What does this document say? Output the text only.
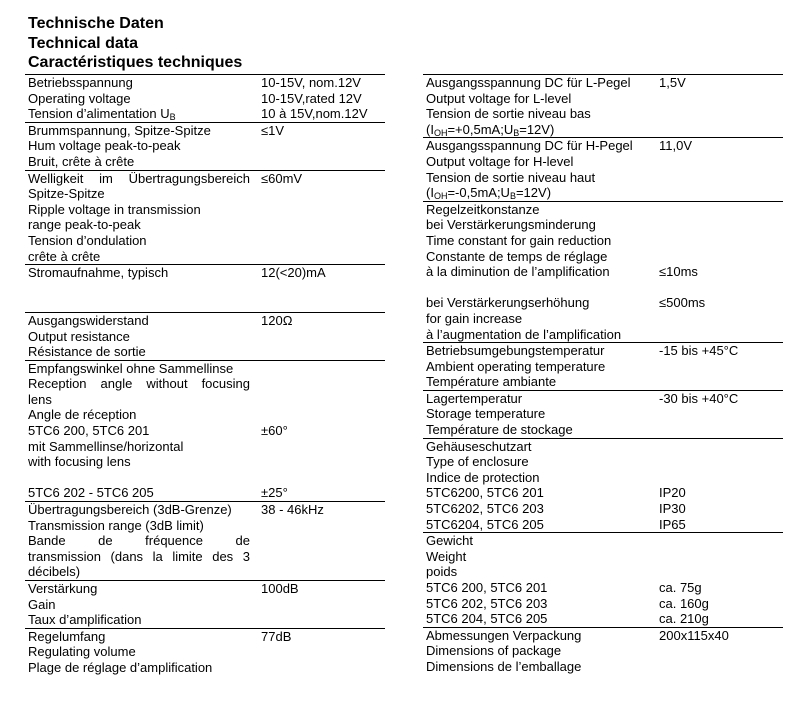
Technische Daten
Technical data
Caractéristiques techniques
10-15V, nom.12V
10-15V,rated 12V
10 à 15V,nom.12V
Betriebsspannung
Operating voltage
Tension d’alimentation $U_B$
≤1V
Brummspannung, Spitze-Spitze
Hum voltage peak-to-peak
Bruit, crête à crête
≤60mV
Welligkeit im Übertragungsbereich
Spitze-Spitze
Ripple voltage in transmission
range peak-to-peak
Tension d’ondulation
crête à crête
12(<20)mA
Stromaufnahme, typisch
120Ω
Ausgangswiderstand
Output resistance
Résistance de sortie
±60°
±25°
Empfangswinkel ohne Sammellinse
Reception angle without focusing
lens
Angle de réception
5TC6 200, 5TC6 201
mit Sammellinse/horizontal
with focusing lens
5TC6 202 - 5TC6 205
38 - 46kHz
Übertragungsbereich (3dB-Grenze)
Transmission range (3dB limit)
Bande de fréquence de
transmission (dans la limite des 3
décibels)
100dB
Verstärkung
Gain
Taux d’amplification
77dB
Regelumfang
Regulating volume
Plage de réglage d’amplification
1,5V
Ausgangsspannung DC für L-Pegel
Output voltage for L-level
Tension de sortie niveau bas
$(I_{OH}=+0,5mA;U_B=12V)$
11,0V
Ausgangsspannung DC für H-Pegel
Output voltage for H-level
Tension de sortie niveau haut
$(I_{OH}=-0,5mA;U_B=12V)$
≤10ms
≤500ms
Regelzeitkonstanze
bei Verstärkerungsminderung
Time constant for gain reduction
Constante de temps de réglage
à la diminution de l’amplification
bei Verstärkerungserhöhung
for gain increase
à l’augmentation de l’amplification
-15 bis +45°C
Betriebsumgebungstemperatur
Ambient operating temperature
Température ambiante
-30 bis +40°C
Lagertemperatur
Storage temperature
Température de stockage
IP20
IP30
IP65
Gehäuseschutzart
Type of enclosure
Indice de protection
5TC6200, 5TC6 201
5TC6202, 5TC6 203
5TC6204, 5TC6 205
ca. 75g
ca. 160g
ca. 210g
Gewicht
Weight
poids
5TC6 200, 5TC6 201
5TC6 202, 5TC6 203
5TC6 204, 5TC6 205
200x115x40
Abmessungen Verpackung
Dimensions of package
Dimensions de l’emballage
